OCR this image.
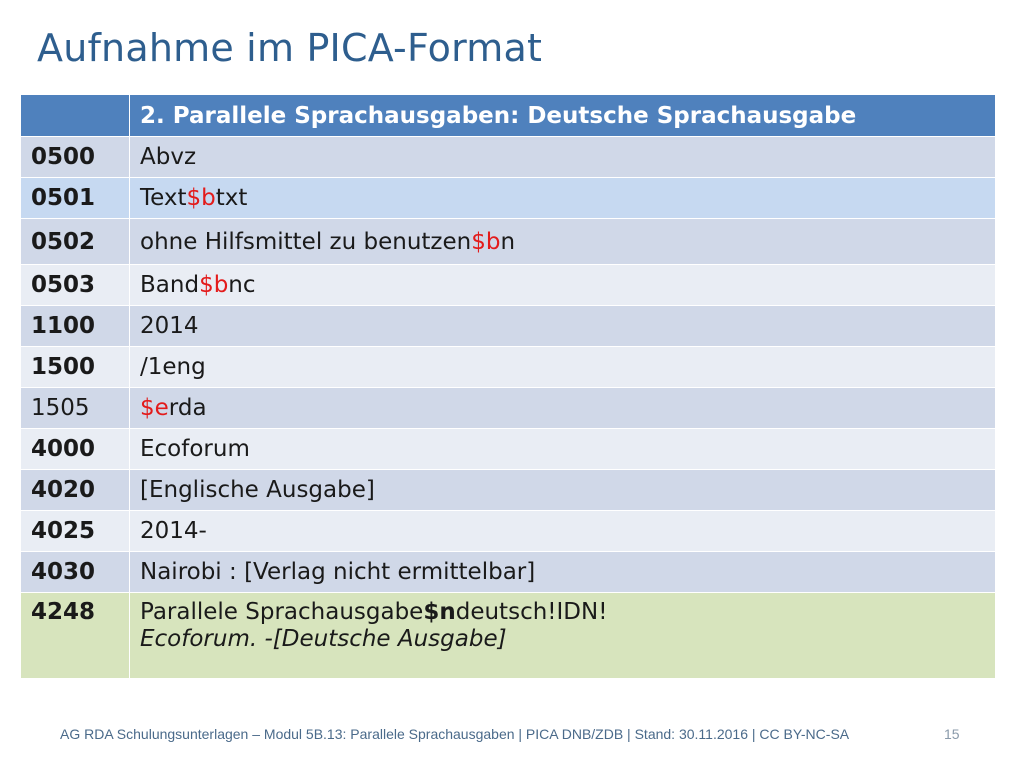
Aufnahme im PICA-Format
	2. Parallele Sprachausgaben: Deutsche Sprachausgabe
0500	Abvz
0501	Text$btxt
0502	ohne Hilfsmittel zu benutzen$bn
0503	Band$bnc
1100	2014
1500	/1eng
1505	$erda
4000	Ecoforum
4020	[Englische Ausgabe]
4025	2014-
4030	Nairobi : [Verlag nicht ermittelbar]
4248	Parallele Sprachausgabe$ndeutsch!IDN!
Ecoforum. -[Deutsche Ausgabe]
AG RDA Schulungsunterlagen – Modul 5B.13: Parallele Sprachausgaben | PICA DNB/ZDB | Stand: 30.11.2016 | CC BY-NC-SA	15
